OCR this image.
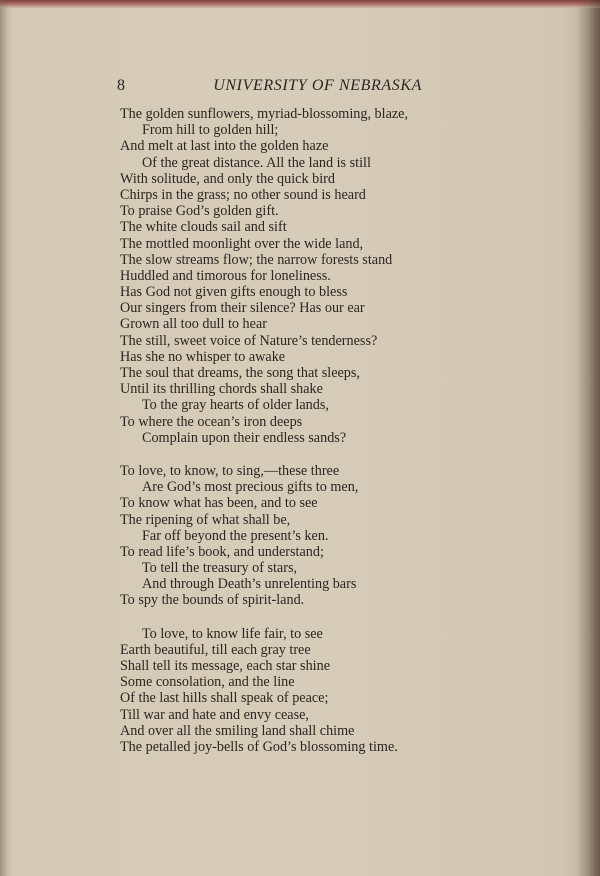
8	UNIVERSITY OF NEBRASKA
The golden sunflowers, myriad-blossoming, blaze,
From hill to golden hill;
And melt at last into the golden haze
Of the great distance. All the land is still
With solitude, and only the quick bird
Chirps in the grass; no other sound is heard
To praise God’s golden gift.
The white clouds sail and sift
The mottled moonlight over the wide land,
The slow streams flow; the narrow forests stand
Huddled and timorous for loneliness.
Has God not given gifts enough to bless
Our singers from their silence? Has our ear
Grown all too dull to hear
The still, sweet voice of Nature’s tenderness?
Has she no whisper to awake
The soul that dreams, the song that sleeps,
Until its thrilling chords shall shake
To the gray hearts of older lands,
To where the ocean’s iron deeps
Complain upon their endless sands?
To love, to know, to sing,—these three
Are God’s most precious gifts to men,
To know what has been, and to see
The ripening of what shall be,
Far off beyond the present’s ken.
To read life’s book, and understand;
To tell the treasury of stars,
And through Death’s unrelenting bars
To spy the bounds of spirit-land.
To love, to know life fair, to see
Earth beautiful, till each gray tree
Shall tell its message, each star shine
Some consolation, and the line
Of the last hills shall speak of peace;
Till war and hate and envy cease,
And over all the smiling land shall chime
The petalled joy-bells of God’s blossoming time.
